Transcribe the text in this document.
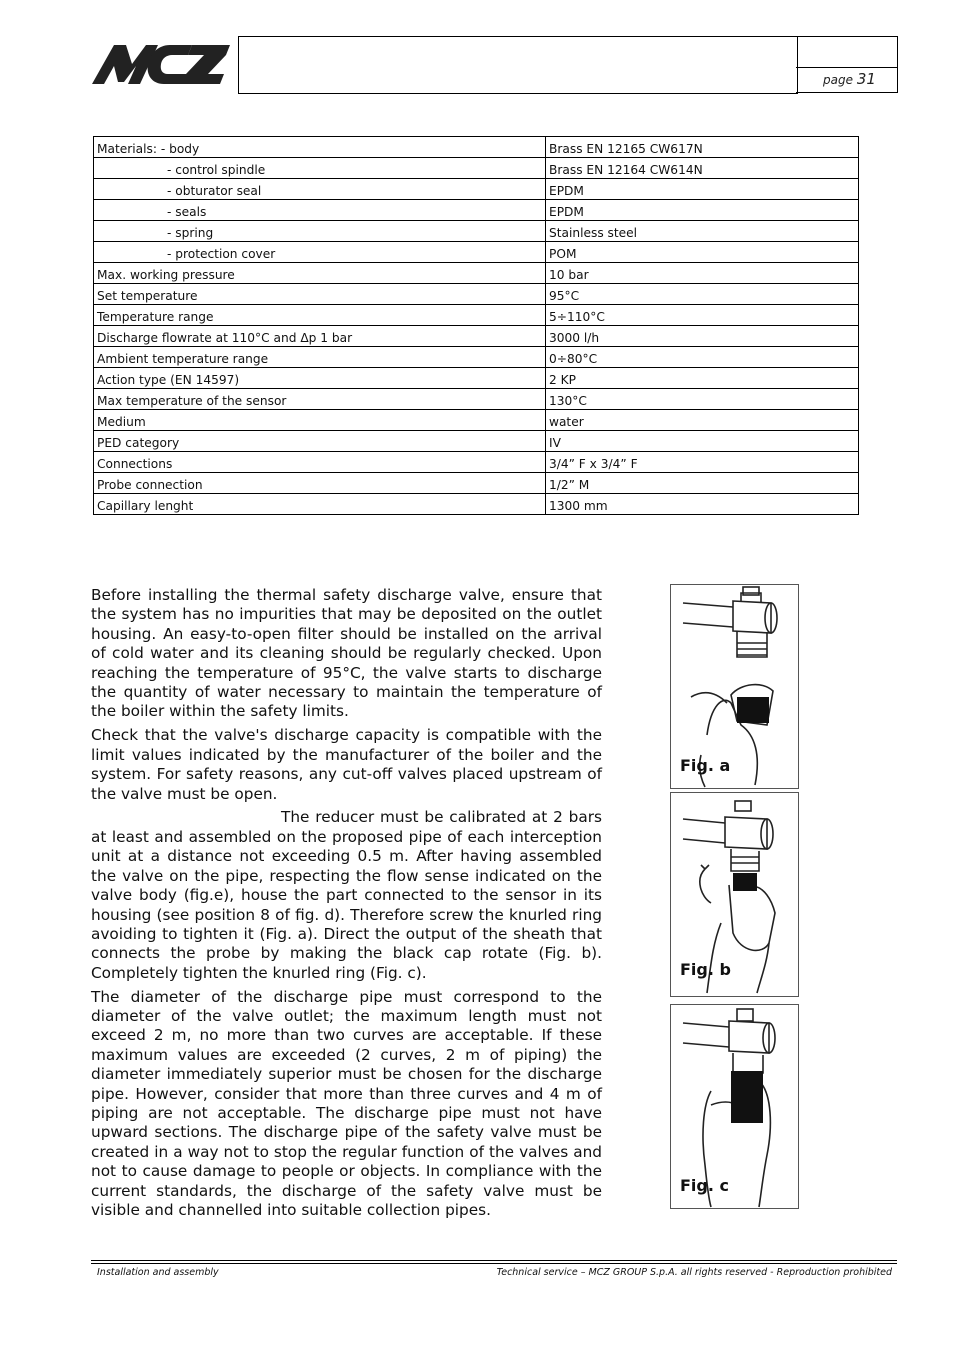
page 31
Materials: - body	Brass EN 12165 CW617N
- control spindle	Brass EN 12164 CW614N
- obturator seal	EPDM
- seals	EPDM
- spring	Stainless steel
- protection cover	POM
Max. working pressure	10 bar
Set temperature	95°C
Temperature range	5÷110°C
Discharge flowrate at 110°C and Δp 1 bar	3000 l/h
Ambient temperature range	0÷80°C
Action type (EN 14597)	2 KP
Max temperature of the sensor	130°C
Medium	water
PED category	IV
Connections	3/4” F x 3/4” F
Probe connection	1/2” M
Capillary lenght	1300 mm

Before installing the thermal safety discharge valve, ensure that the system has no impurities that may be deposited on the outlet housing. An easy-to-open filter should be installed on the arrival of cold water and its cleaning should be regularly checked. Upon reaching the temperature of 95°C, the valve starts to discharge the quantity of water necessary to maintain the temperature of the boiler within the safety limits.

Check that the valve's discharge capacity is compatible with the limit values indicated by the manufacturer of the boiler and the system. For safety reasons, any cut-off valves placed upstream of the valve must be open.

The reducer must be calibrated at 2 bars at least and assembled on the proposed pipe of each interception unit at a distance not exceeding 0.5 m. After having assembled the valve on the pipe, respecting the flow sense indicated on the valve body (fig.e), house the part connected to the sensor in its housing (see position 8 of fig. d). Therefore screw the knurled ring avoiding to tighten it (Fig. a). Direct the output of the sheath that connects the probe by making the black cap rotate (Fig. b). Completely tighten the knurled ring (Fig. c).

The diameter of the discharge pipe must correspond to the diameter of the valve outlet; the maximum length must not exceed 2 m, no more than two curves are acceptable. If these maximum values are exceeded (2 curves, 2 m of piping) the diameter immediately superior must be chosen for the discharge pipe. However, consider that more than three curves and 4 m of piping are not acceptable. The discharge pipe must not have upward sections. The discharge pipe of the safety valve must be created in a way not to stop the regular function of the valves and not to cause damage to people or objects. In compliance with the current standards, the discharge of the safety valve must be visible and channelled into suitable collection pipes.

Fig. a
Fig. b
Fig. c
Installation and assembly	Technical service – MCZ GROUP S.p.A. all rights reserved - Reproduction prohibited
